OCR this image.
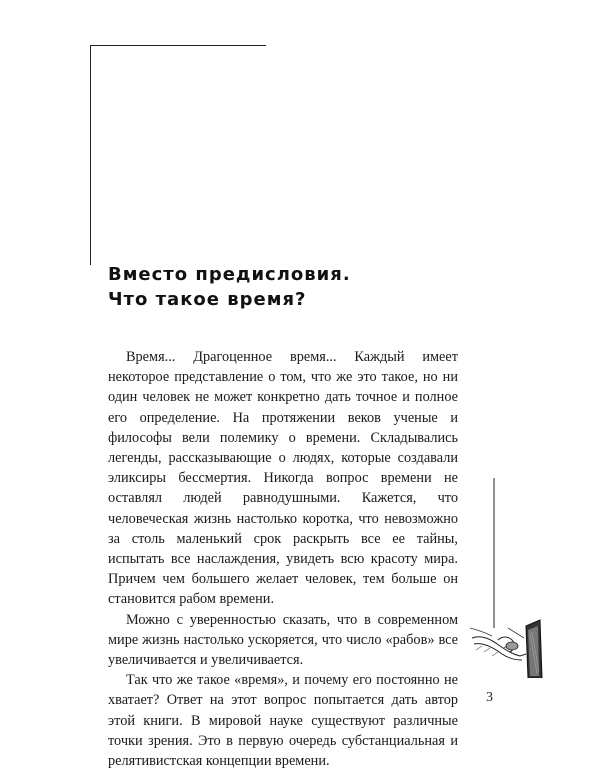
Вместо предисловия.
Что такое время?

Время... Драгоценное время... Каждый имеет некоторое представление о том, что же это такое, но ни один человек не может конкретно дать точное и полное его определение. На протяжении веков ученые и философы вели полемику о времени. Складывались легенды, рассказывающие о людях, которые создавали эликсиры бессмертия. Никогда вопрос времени не оставлял людей равнодушными. Кажется, что человеческая жизнь настолько коротка, что невозможно за столь маленький срок раскрыть все ее тайны, испытать все наслаждения, увидеть всю красоту мира. Причем чем большего желает человек, тем больше он становится рабом времени.

Можно с уверенностью сказать, что в современном мире жизнь настолько ускоряется, что число «рабов» все увеличивается и увеличивается.

Так что же такое «время», и почему его постоянно не хватает? Ответ на этот вопрос попытается дать автор этой книги. В мировой науке существуют различные точки зрения. Это в первую очередь субстанциальная и релятивистская концепции времени.

3
